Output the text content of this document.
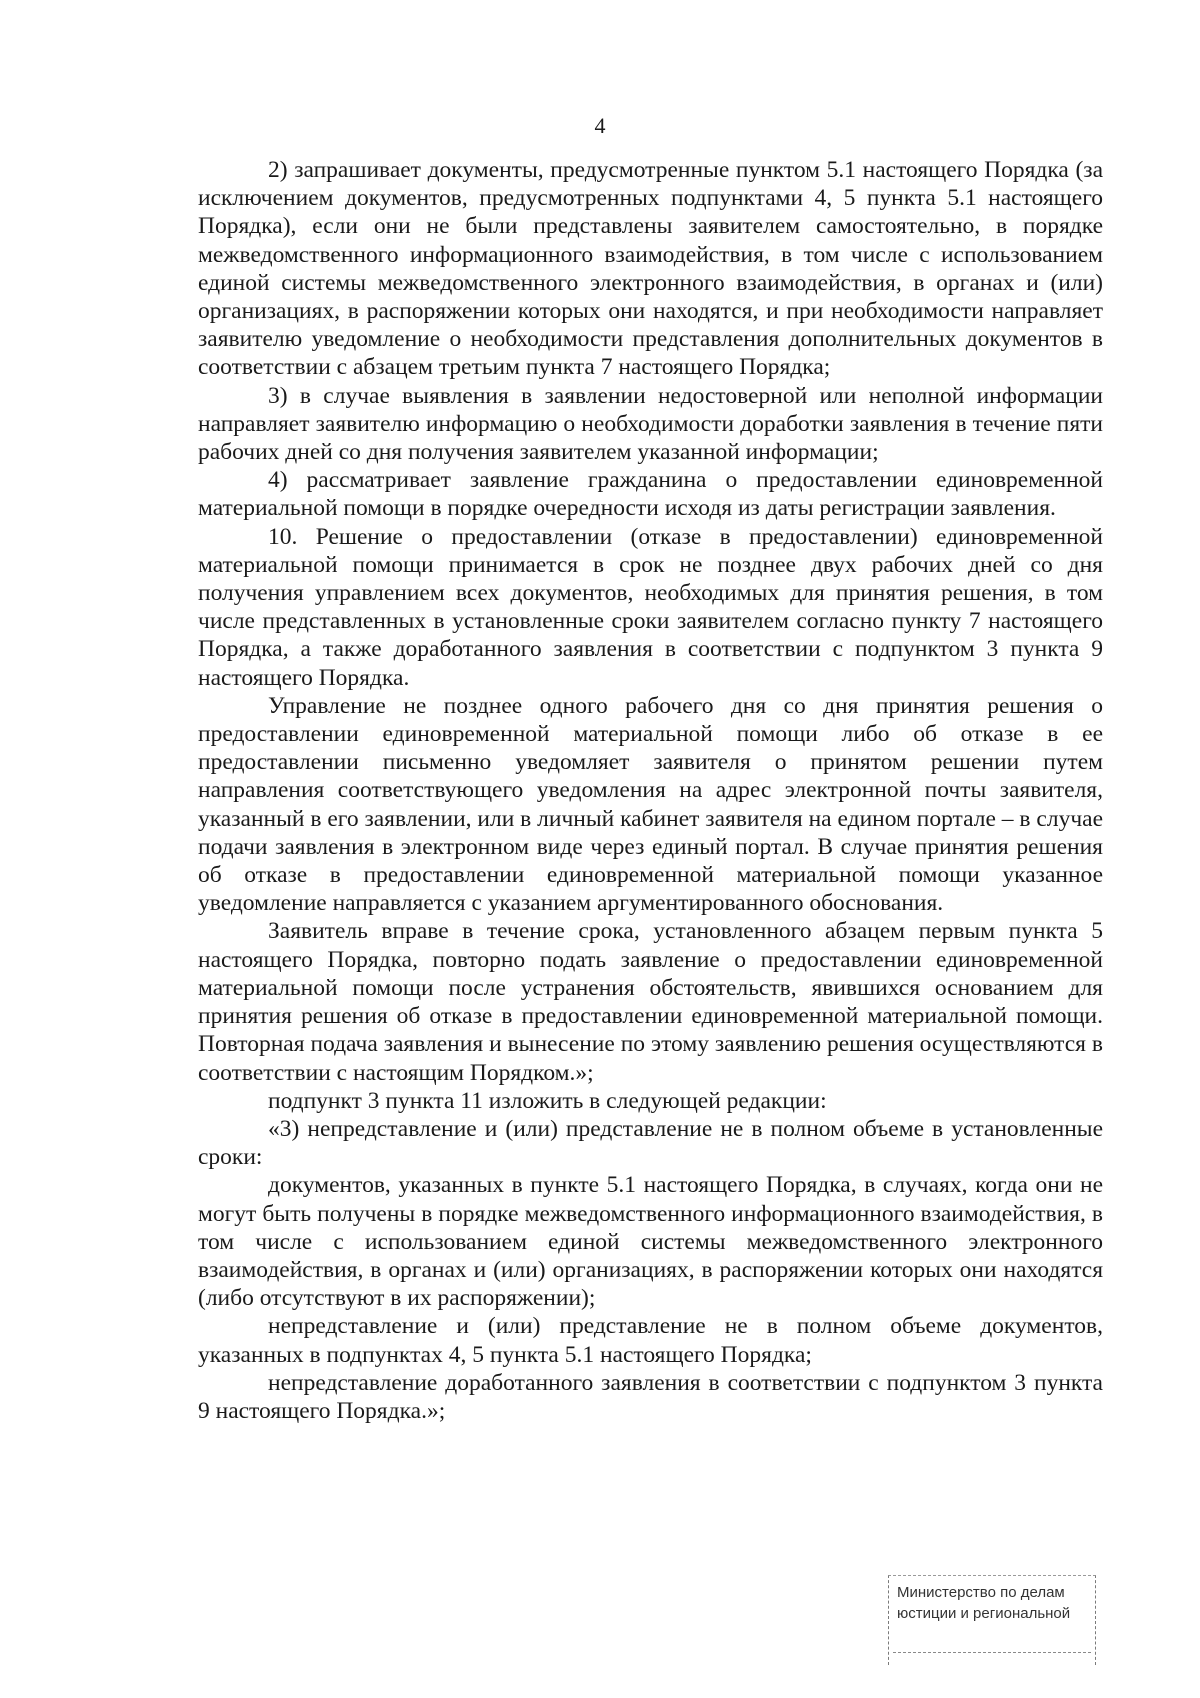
4

2) запрашивает документы, предусмотренные пунктом 5.1 настоящего Порядка (за исключением документов, предусмотренных подпунктами 4, 5 пункта 5.1 настоящего Порядка), если они не были представлены заявителем самостоятельно, в порядке межведомственного информационного взаимодействия, в том числе с использованием единой системы межведомственного электронного взаимодействия, в органах и (или) организациях, в распоряжении которых они находятся, и при необходимости направляет заявителю уведомление о необходимости представления дополнительных документов в соответствии с абзацем третьим пункта 7 настоящего Порядка;

3) в случае выявления в заявлении недостоверной или неполной информации направляет заявителю информацию о необходимости доработки заявления в течение пяти рабочих дней со дня получения заявителем указанной информации;

4) рассматривает заявление гражданина о предоставлении единовременной материальной помощи в порядке очередности исходя из даты регистрации заявления.

10. Решение о предоставлении (отказе в предоставлении) единовременной материальной помощи принимается в срок не позднее двух рабочих дней со дня получения управлением всех документов, необходимых для принятия решения, в том числе представленных в установленные сроки заявителем согласно пункту 7 настоящего Порядка, а также доработанного заявления в соответствии с подпунктом 3 пункта 9 настоящего Порядка.

Управление не позднее одного рабочего дня со дня принятия решения о предоставлении единовременной материальной помощи либо об отказе в ее предоставлении письменно уведомляет заявителя о принятом решении путем направления соответствующего уведомления на адрес электронной почты заявителя, указанный в его заявлении, или в личный кабинет заявителя на едином портале – в случае подачи заявления в электронном виде через единый портал. В случае принятия решения об отказе в предоставлении единовременной материальной помощи указанное уведомление направляется с указанием аргументированного обоснования.

Заявитель вправе в течение срока, установленного абзацем первым пункта 5 настоящего Порядка, повторно подать заявление о предоставлении единовременной материальной помощи после устранения обстоятельств, явившихся основанием для принятия решения об отказе в предоставлении единовременной материальной помощи. Повторная подача заявления и вынесение по этому заявлению решения осуществляются в соответствии с настоящим Порядком.»;

подпункт 3 пункта 11 изложить в следующей редакции:

«3) непредставление и (или) представление не в полном объеме в установленные сроки:

документов, указанных в пункте 5.1 настоящего Порядка, в случаях, когда они не могут быть получены в порядке межведомственного информационного взаимодействия, в том числе с использованием единой системы межведомственного электронного взаимодействия, в органах и (или) организациях, в распоряжении которых они находятся (либо отсутствуют в их распоряжении);

непредставление и (или) представление не в полном объеме документов, указанных в подпунктах 4, 5 пункта 5.1 настоящего Порядка;

непредставление доработанного заявления в соответствии с подпунктом 3 пункта 9 настоящего Порядка.»;

Министерство по делам
юстиции и региональной
